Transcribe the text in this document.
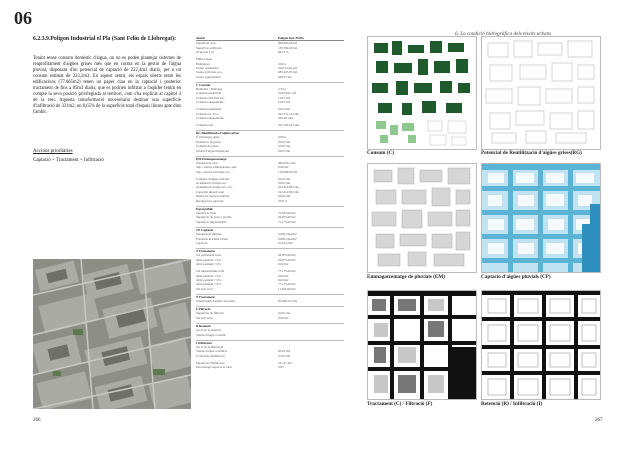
06
6. La condició hidrogràfica dels teixits urbans
6.2.3.9.Polígon Industrial el Pla (Sant Feliu de Llobregat):
Tenint sense consum domèstic d'aigua, on no es poden plantejar sistemes de reaprofitament d'aigües grises més que en contra en la gestió de l'aigua pluvial, disposant d'un potencial de captació de 222,4m3 diaris, per a un consum estimat de 322,2m3. En aquest sentit, els espais oberts entre les edificacions (77.665m2) tenen un paper clau en la captació i posterior tractament de fins a 85m3 diaris, que es podrien infiltrar a l'aqüífer tenint en compte la seva posició privilegiada al territori, com s'ha explicat al capítol 4 de la tesi. Aquesta transformació necessitaria destinar una superfície d'infiltració de 331m2, un 0,65% de la superfície total d'espais lliures apte dins l'àmbit.
Accions prioritàries
Captació + Tractament + Infiltració
266	267
Àmbit	Polígon Ind. El Pla
Superfície total	499.000,00 m2
Superfície edificada	135.789,00 m2
Ocupació (%)	84,13 %
Edificacions
Habitatges	0,00 u
Sostre residencial	0,00 Sostre m2
Sostre activitats eco.	683.225,85 m2
Sostre equipaments	928,37 m2
C Consum
Habitants / habitatge	2,55 u
Consum residencial	0,00 l/hab. dia
Consum activitats eco.	1,00 l/m2
Consum equipaments	2,00 l/m2
Consum residencial	0,00 l/dia
Consum act. Eco.	322.312,19 l/dia
Consum equipaments	956,20 l/dia
Consum total	322.195,22 l/dia
RG Reutilització d'aigües grises
nº habitatges aptes	0,00 u
Producció de grises	0,00 l/dia
Consum de grises	0,00 l/dia
Estalvi d'aigua mitjançant	0,00 l/dia
EM Emmagatzematge
Precipitació total	499.000,1 m2
Sup. coberta emmagatzem. apte	0,00 m2
Sup. coberta activitats eco.	135.089,00 m2
Cobertes d'aigües pluvials	0,00 l/dia
Acumulació d'aigua res.	0,00 l/dia
Acumulació d'aigua act. eco.	222.412,80 l/dia
Capacitat dipòsit total	222.412,80 l/dia
Reducció captació pluvial	0,00 l/dia
Recuperació captació	0,00 %
Espai públic
Superfície vials	75.825,00 m2
Superfície de parcs i jardins	26.875,00 m2
Superfície impermeable	77.175,00 m2
CP Captació
Precipitació mitjana	0,600 l/dia/m2
Precipitació Punta Ciutat	0,800 l/dia/m2
Captació	61.914,720
T Tractament
Sol permeable total	26.875,00 m2
Àmb pendent < 6%	26.875,00 m2
Àmb pendent > 6%	0,00 m2
Sol impermeable total	77.175,00 m2
Àmb pendent < 6%	0,00 m2
Àmb pendent > 6%	0,00 m2
Àmb pendent < 6%	77.175,00 m2
Sòl prat verd	11.625,00 m2
T Tractament
Volum mitjà d'aigües tractades	85.069,52 l/dia
F Filtració
Superfície de filtració	0,00 l/dia
Sòl pati verd	0,00 m2
R Retenció
n/a al de la retenció
Volum d'aigua a retenir
I Infiltració
n/a al de la infiltració
Volum d'aigua a infiltrar	85,03 m3
Coeficient d'infiltració	0,26 l/dia
Superfície d'infiltració	331,21 m2
Percentatge respecte el total	0,65
Consum (C)	Potencial de Reutilització d'aigües grises(RG)
Emmagatzematge de pluvials (EM)	Captació d'aigües pluvials (CP)
Tractament (C) / Filtració (F)	Retenció (R) / Infiltració (I)
